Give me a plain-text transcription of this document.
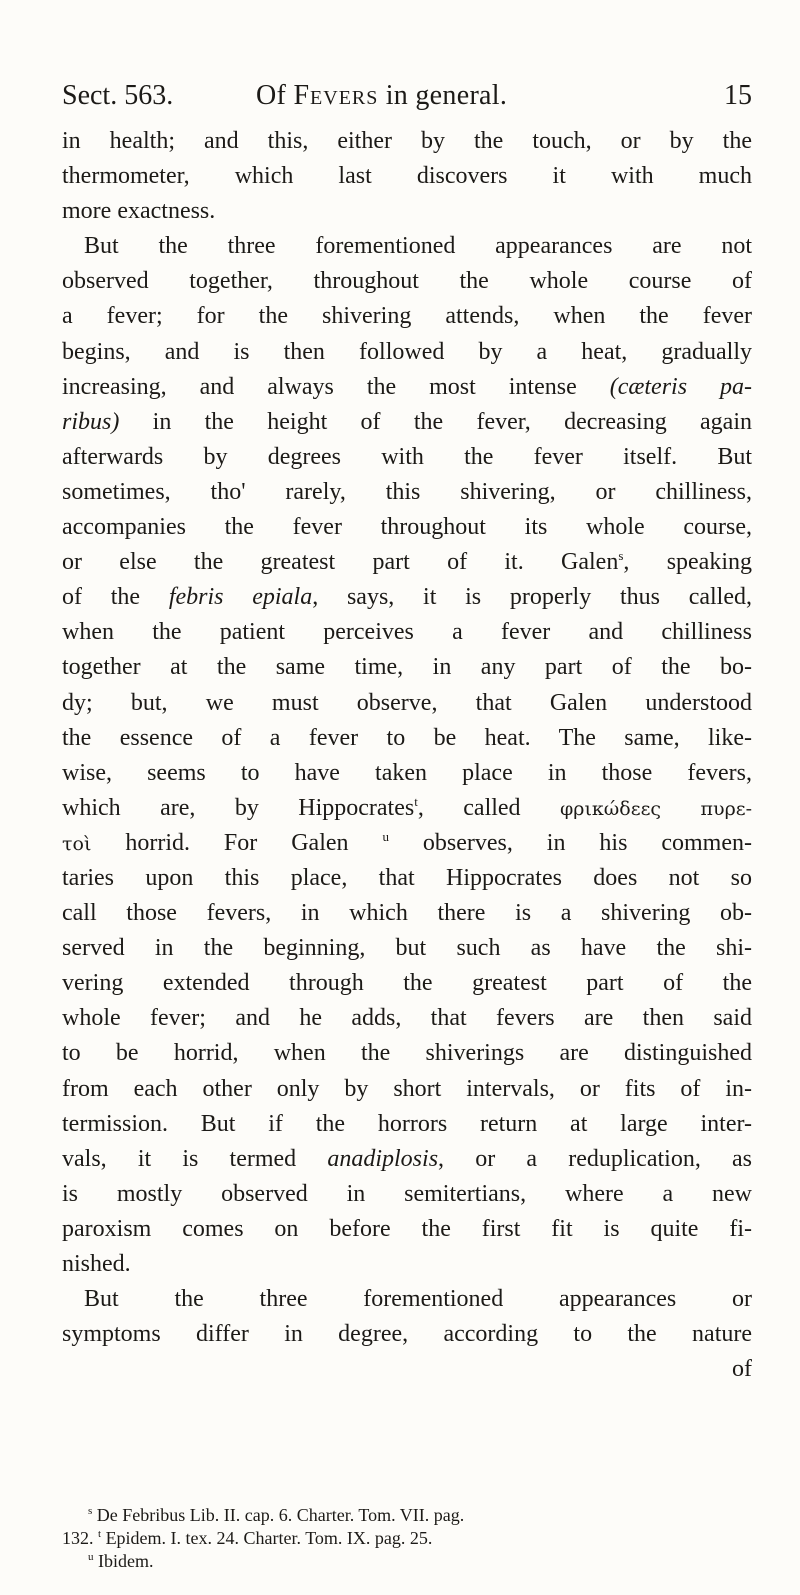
Sect. 563.	Of Fevers in general.	15
in health; and this, either by the touch, or by the
thermometer, which last discovers it with much
more exactness.
But the three forementioned appearances are not
observed together, throughout the whole course of
a fever; for the shivering attends, when the fever
begins, and is then followed by a heat, gradually
increasing, and always the most intense (cæteris pa-
ribus) in the height of the fever, decreasing again
afterwards by degrees with the fever itself. But
sometimes, tho' rarely, this shivering, or chilliness,
accompanies the fever throughout its whole course,
or else the greatest part of it. Galen$^s$, speaking
of the febris epiala, says, it is properly thus called,
when the patient perceives a fever and chilliness
together at the same time, in any part of the bo-
dy; but, we must observe, that Galen understood
the essence of a fever to be heat. The same, like-
wise, seems to have taken place in those fevers,
which are, by Hippocrates$^t$, called φρικώδεες πυρε-
τοὶ horrid. For Galen $^u$ observes, in his commen-
taries upon this place, that Hippocrates does not so
call those fevers, in which there is a shivering ob-
served in the beginning, but such as have the shi-
vering extended through the greatest part of the
whole fever; and he adds, that fevers are then said
to be horrid, when the shiverings are distinguished
from each other only by short intervals, or fits of in-
termission. But if the horrors return at large inter-
vals, it is termed anadiplosis, or a reduplication, as
is mostly observed in semitertians, where a new
paroxism comes on before the first fit is quite fi-
nished.
But the three forementioned appearances or
symptoms differ in degree, according to the nature
of
$^s$ De Febribus Lib. II. cap. 6. Charter. Tom. VII. pag.
132. $^t$ Epidem. I. tex. 24. Charter. Tom. IX. pag. 25.
$^u$ Ibidem.
